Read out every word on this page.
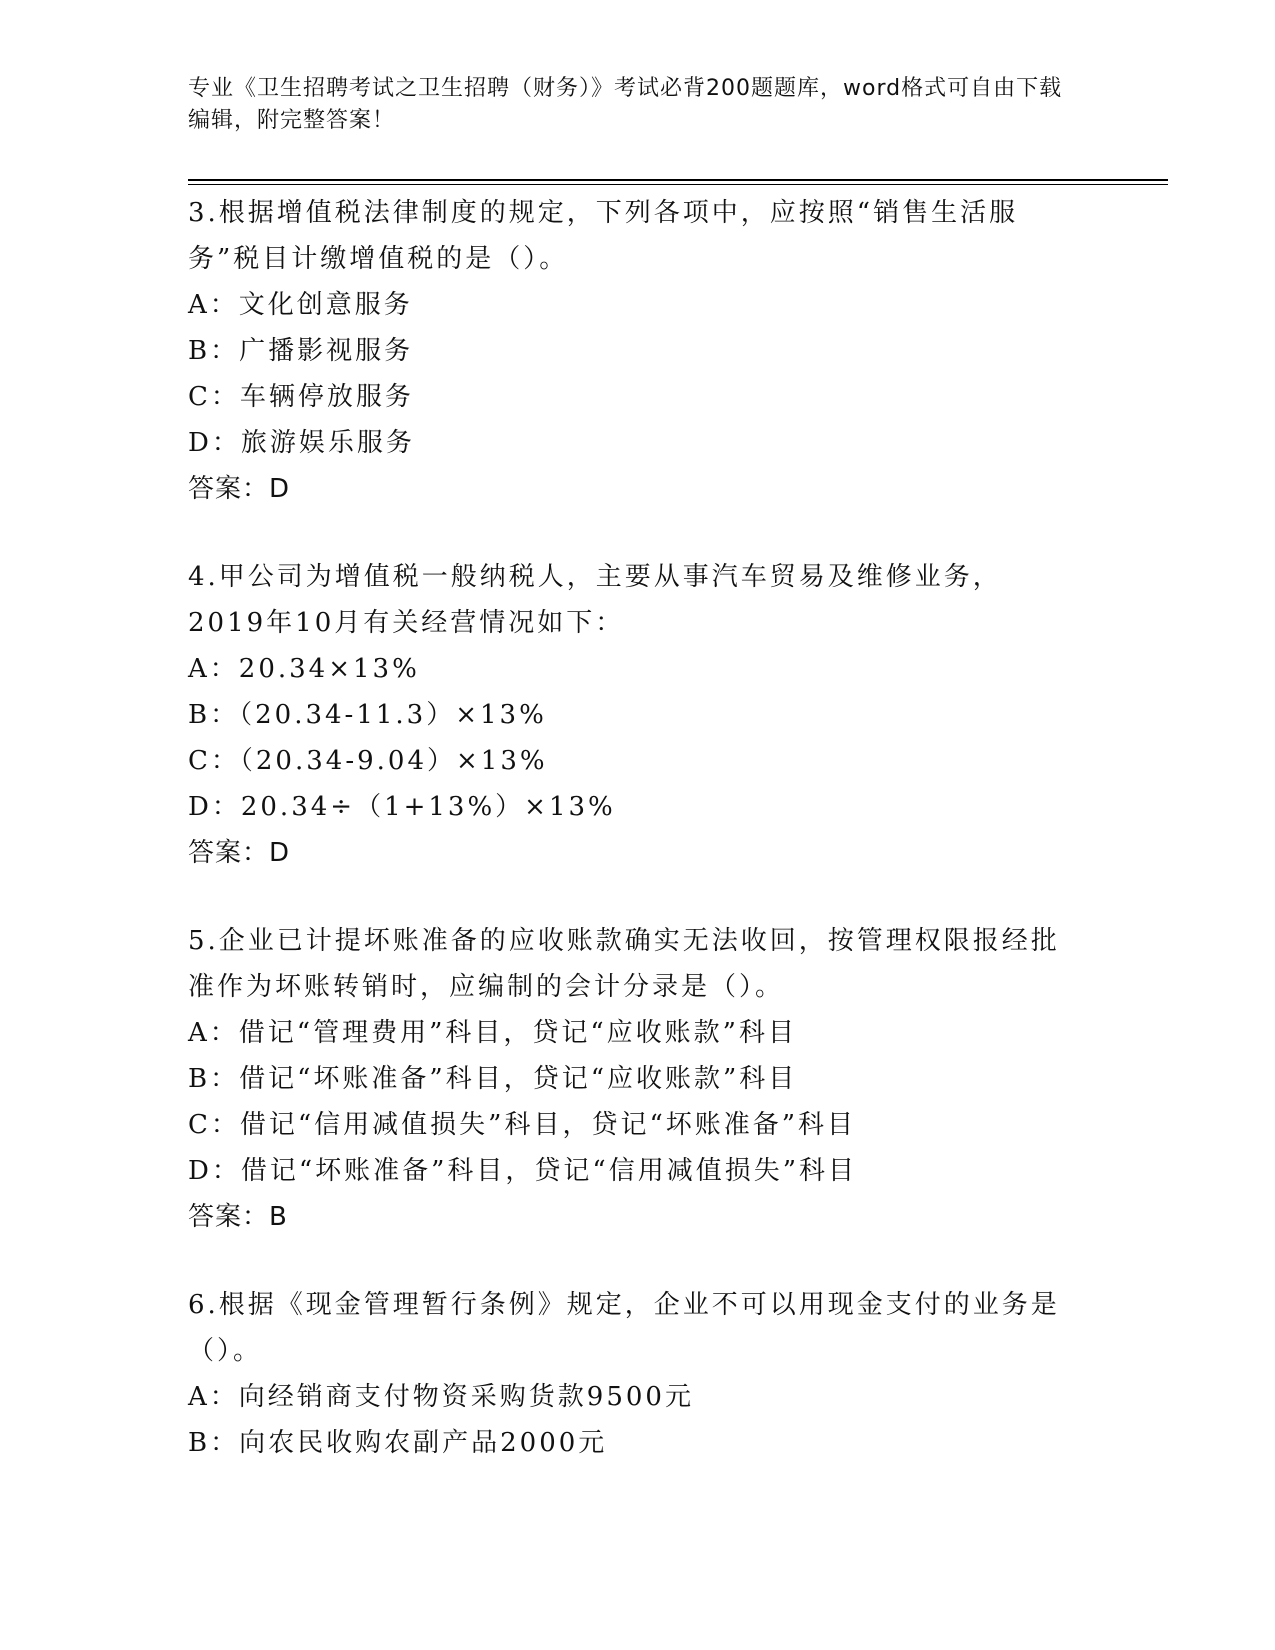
专业《卫生招聘考试之卫生招聘（财务）》考试必背200题题库，word格式可自由下载编辑，附完整答案！
3.根据增值税法律制度的规定，下列各项中，应按照“销售生活服务”税目计缴增值税的是（）。
A：文化创意服务
B：广播影视服务
C：车辆停放服务
D：旅游娱乐服务
答案：D
4.甲公司为增值税一般纳税人，主要从事汽车贸易及维修业务，2019年10月有关经营情况如下：
A：20.34×13%
B：（20.34-11.3）×13%
C：（20.34-9.04）×13%
D：20.34÷（1+13%）×13%
答案：D
5.企业已计提坏账准备的应收账款确实无法收回，按管理权限报经批准作为坏账转销时，应编制的会计分录是（）。
A：借记“管理费用”科目，贷记“应收账款”科目
B：借记“坏账准备”科目，贷记“应收账款”科目
C：借记“信用减值损失”科目，贷记“坏账准备”科目
D：借记“坏账准备”科目，贷记“信用减值损失”科目
答案：B
6.根据《现金管理暂行条例》规定，企业不可以用现金支付的业务是（）。
A：向经销商支付物资采购货款9500元
B：向农民收购农副产品2000元
